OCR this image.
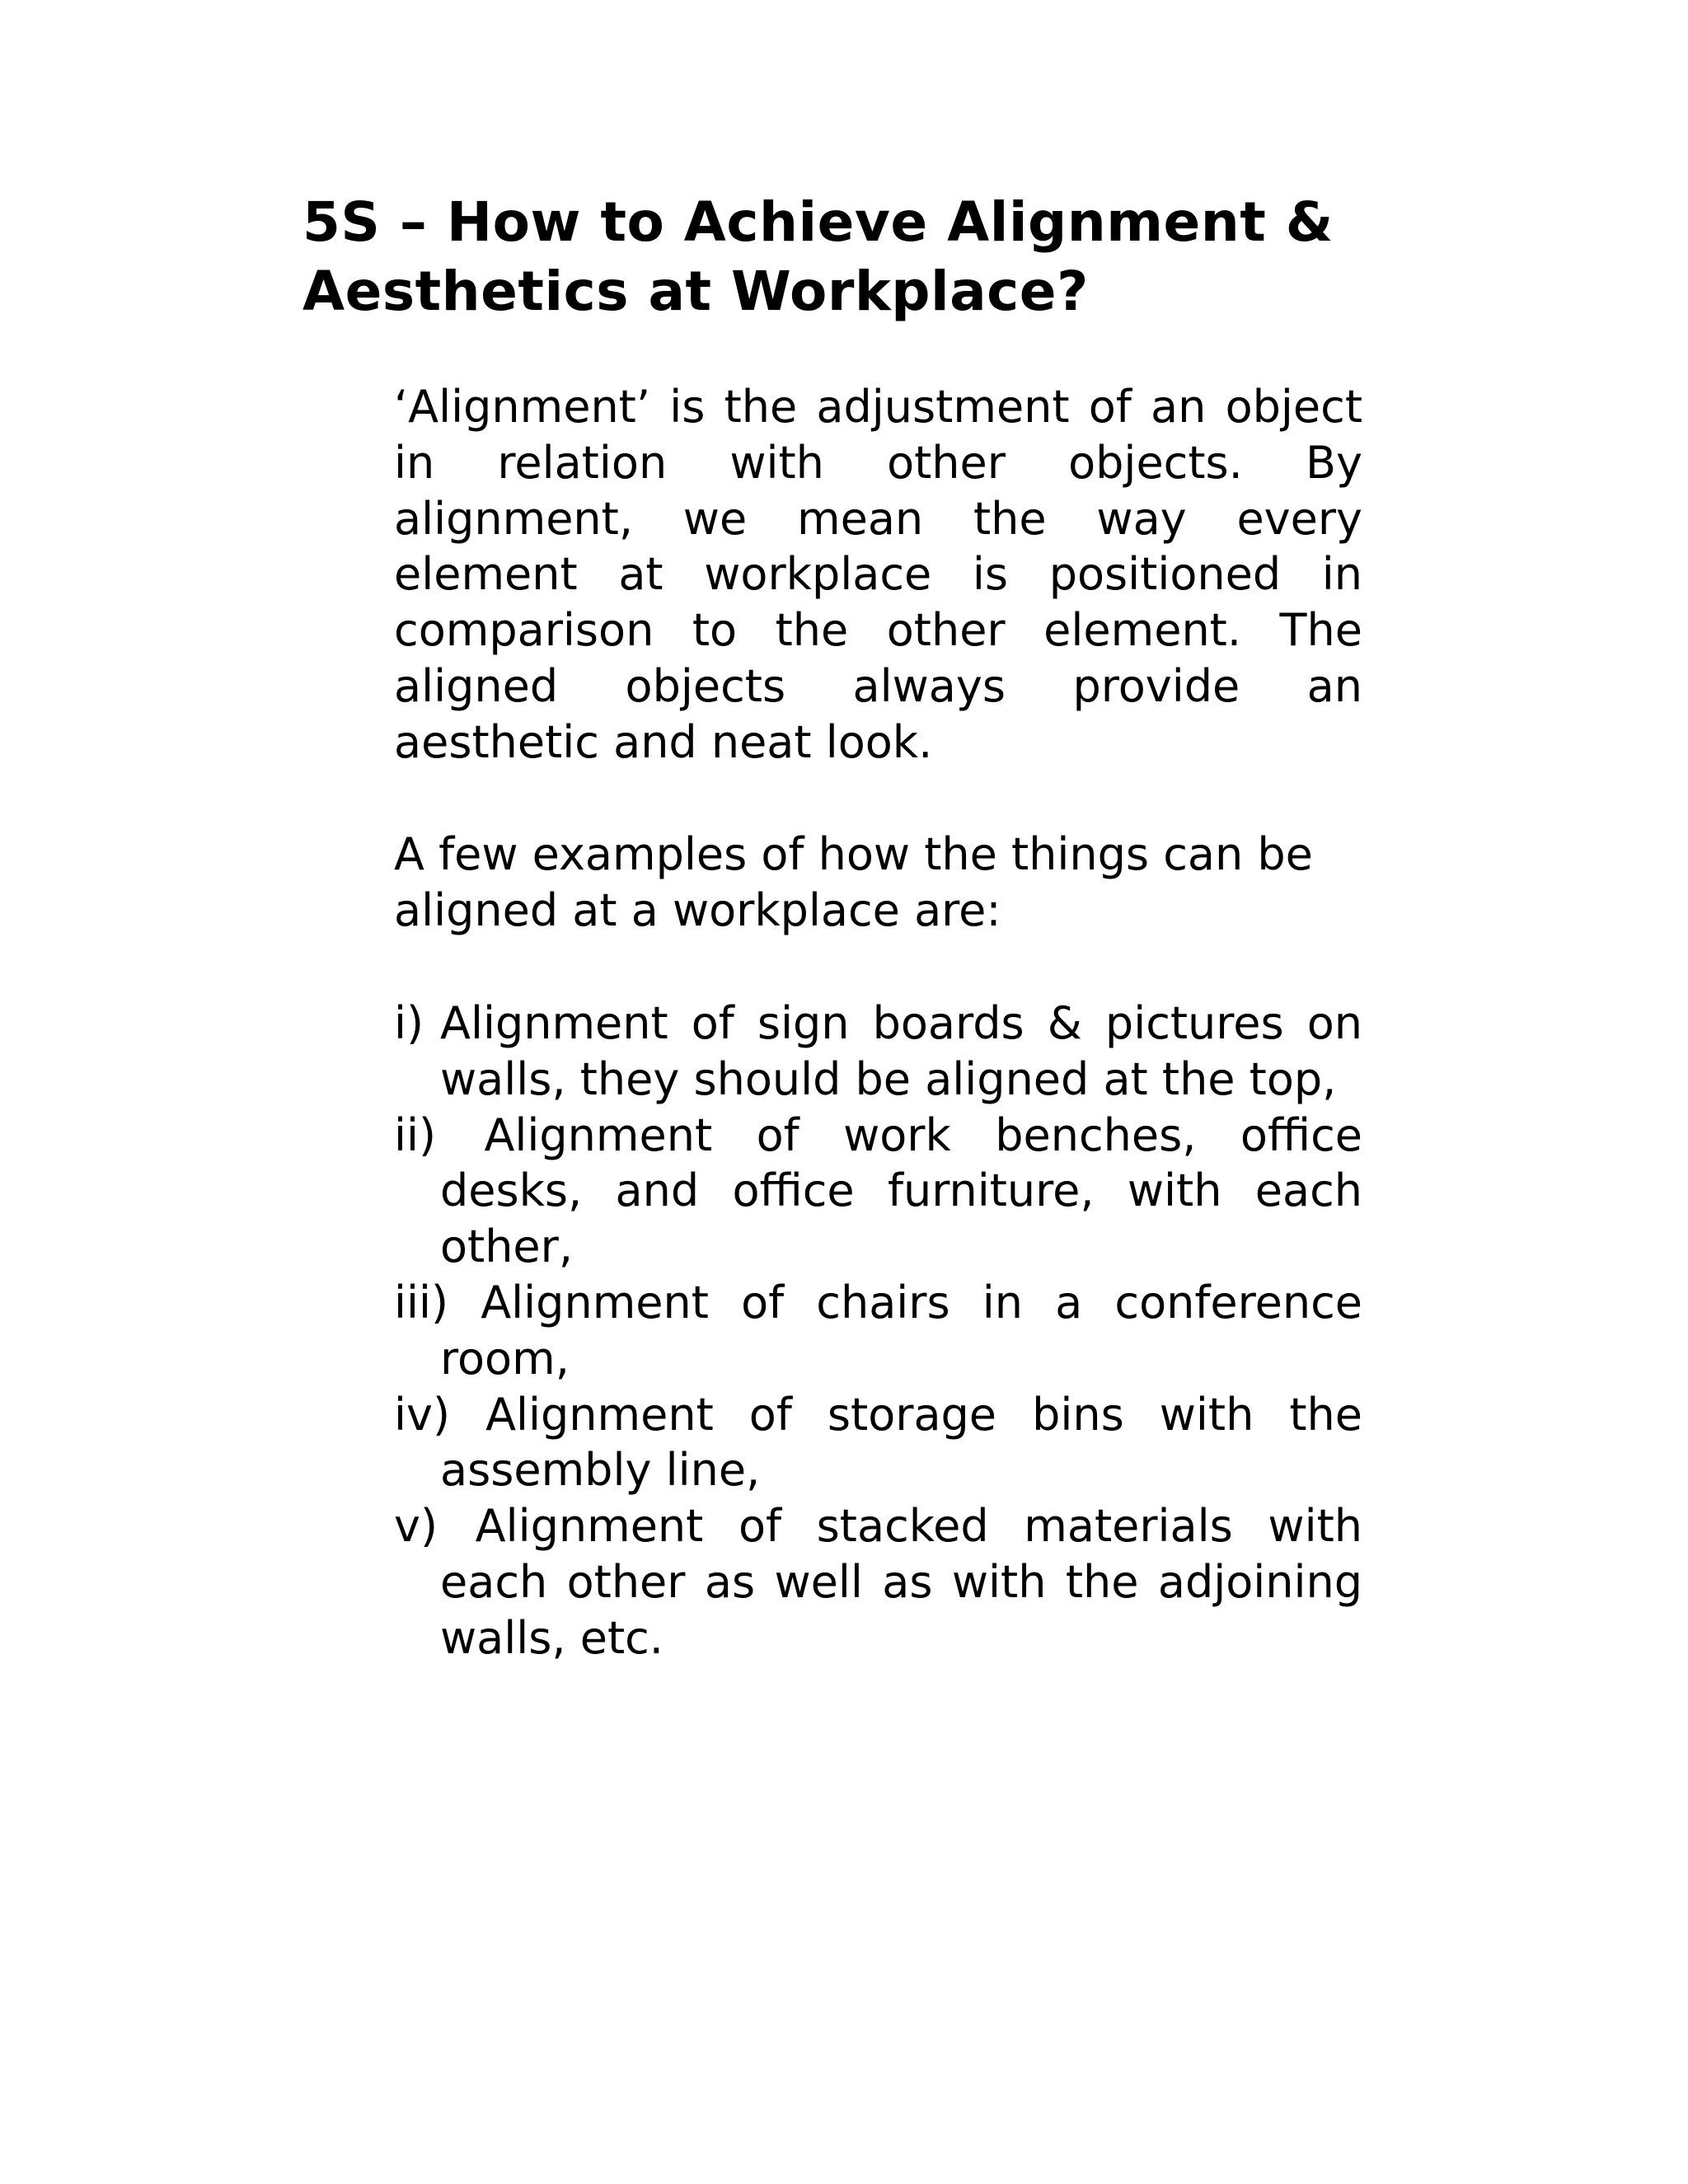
5S – How to Achieve Alignment & Aesthetics at Workplace?

‘Alignment’ is the adjustment of an object in relation with other objects. By alignment, we mean the way every element at workplace is positioned in comparison to the other element. The aligned objects always provide an aesthetic and neat look.

A few examples of how the things can be aligned at a workplace are:

i) Alignment of sign boards & pictures on walls, they should be aligned at the top,
ii) Alignment of work benches, office desks, and office furniture, with each other,
iii) Alignment of chairs in a conference room,
iv) Alignment of storage bins with the assembly line,
v) Alignment of stacked materials with each other as well as with the adjoining walls, etc.
